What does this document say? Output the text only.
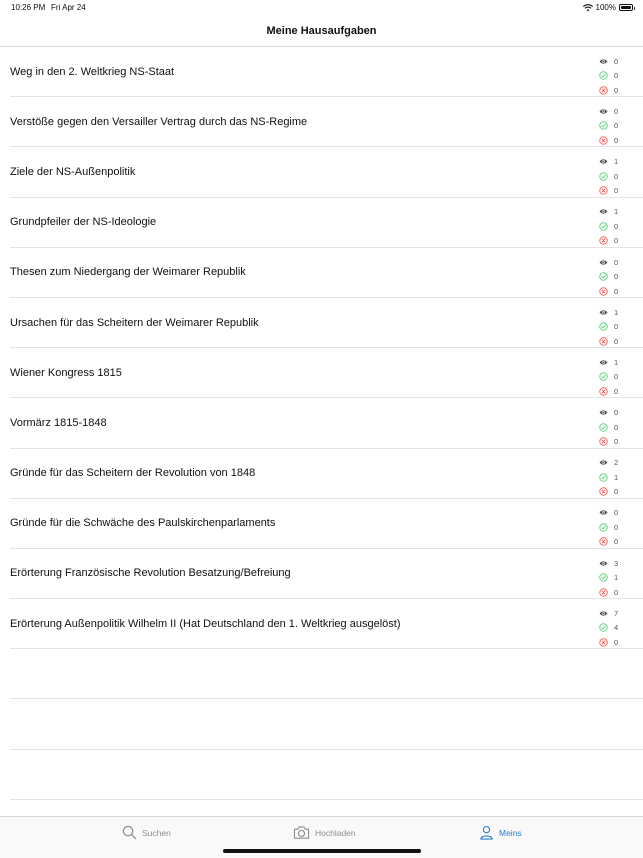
10:26 PM Fri Apr 24	100%
Meine Hausaufgaben
Weg in den 2. Weltkrieg NS-Staat
0
0
0
Verstöße gegen den Versailler Vertrag durch das NS-Regime
0
0
0
Ziele der NS-Außenpolitik
1
0
0
Grundpfeiler der NS-Ideologie
1
0
0
Thesen zum Niedergang der Weimarer Republik
0
0
0
Ursachen für das Scheitern der Weimarer Republik
1
0
0
Wiener Kongress 1815
1
0
0
Vormärz 1815-1848
0
0
0
Gründe für das Scheitern der Revolution von 1848
2
1
0
Gründe für die Schwäche des Paulskirchenparlaments
0
0
0
Erörterung Französische Revolution Besatzung/Befreiung
3
1
0
Erörterung Außenpolitik Wilhelm II (Hat Deutschland den 1. Weltkrieg ausgelöst)
7
4
0
Suchen	Hochladen	Meins
